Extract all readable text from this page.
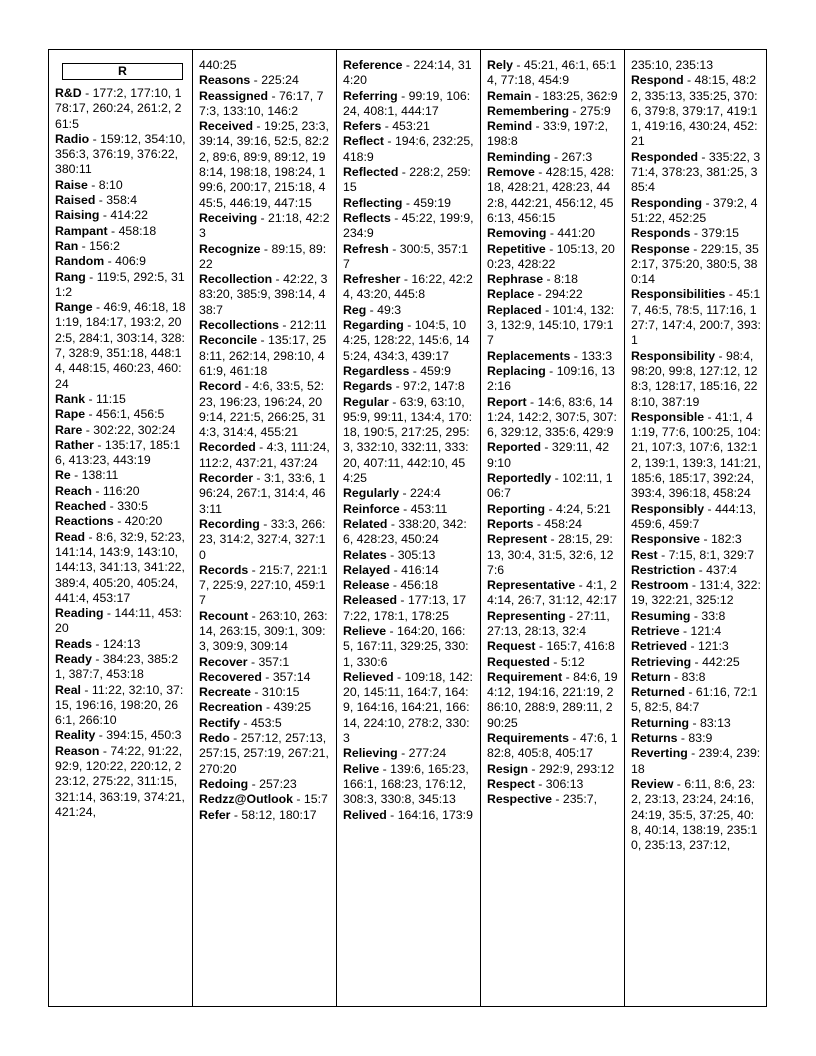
R
R&D - 177:2, 177:10, 178:17, 260:24, 261:2, 261:5
Radio - 159:12, 354:10, 356:3, 376:19, 376:22, 380:11
Raise - 8:10
Raised - 358:4
Raising - 414:22
Rampant - 458:18
Ran - 156:2
Random - 406:9
Rang - 119:5, 292:5, 311:2
Range - 46:9, 46:18, 181:19, 184:17, 193:2, 202:5, 284:1, 303:14, 328:7, 328:9, 351:18, 448:14, 448:15, 460:23, 460:24
Rank - 11:15
Rape - 456:1, 456:5
Rare - 302:22, 302:24
Rather - 135:17, 185:16, 413:23, 443:19
Re - 138:11
Reach - 116:20
Reached - 330:5
Reactions - 420:20
Read - 8:6, 32:9, 52:23, 141:14, 143:9, 143:10, 144:13, 341:13, 341:22, 389:4, 405:20, 405:24, 441:4, 453:17
Reading - 144:11, 453:20
Reads - 124:13
Ready - 384:23, 385:21, 387:7, 453:18
Real - 11:22, 32:10, 37:15, 196:16, 198:20, 266:1, 266:10
Reality - 394:15, 450:3
Reason - 74:22, 91:22, 92:9, 120:22, 220:12, 223:12, 275:22, 311:15, 321:14, 363:19, 374:21, 421:24,
440:25
Reasons - 225:24
Reassigned - 76:17, 77:3, 133:10, 146:2
Received - 19:25, 23:3, 39:14, 39:16, 52:5, 82:22, 89:6, 89:9, 89:12, 198:14, 198:18, 198:24, 199:6, 200:17, 215:18, 445:5, 446:19, 447:15
Receiving - 21:18, 42:23
Recognize - 89:15, 89:22
Recollection - 42:22, 383:20, 385:9, 398:14, 438:7
Recollections - 212:11
Reconcile - 135:17, 258:11, 262:14, 298:10, 461:9, 461:18
Record - 4:6, 33:5, 52:23, 196:23, 196:24, 209:14, 221:5, 266:25, 314:3, 314:4, 455:21
Recorded - 4:3, 111:24, 112:2, 437:21, 437:24
Recorder - 3:1, 33:6, 196:24, 267:1, 314:4, 463:11
Recording - 33:3, 266:23, 314:2, 327:4, 327:10
Records - 215:7, 221:17, 225:9, 227:10, 459:17
Recount - 263:10, 263:14, 263:15, 309:1, 309:3, 309:9, 309:14
Recover - 357:1
Recovered - 357:14
Recreate - 310:15
Recreation - 439:25
Rectify - 453:5
Redo - 257:12, 257:13, 257:15, 257:19, 267:21, 270:20
Redoing - 257:23
Redzz@Outlook - 15:7
Refer - 58:12, 180:17
Reference - 224:14, 314:20
Referring - 99:19, 106:24, 408:1, 444:17
Refers - 453:21
Reflect - 194:6, 232:25, 418:9
Reflected - 228:2, 259:15
Reflecting - 459:19
Reflects - 45:22, 199:9, 234:9
Refresh - 300:5, 357:17
Refresher - 16:22, 42:24, 43:20, 445:8
Reg - 49:3
Regarding - 104:5, 104:25, 128:22, 145:6, 145:24, 434:3, 439:17
Regardless - 459:9
Regards - 97:2, 147:8
Regular - 63:9, 63:10, 95:9, 99:11, 134:4, 170:18, 190:5, 217:25, 295:3, 332:10, 332:11, 333:20, 407:11, 442:10, 454:25
Regularly - 224:4
Reinforce - 453:11
Related - 338:20, 342:6, 428:23, 450:24
Relates - 305:13
Relayed - 416:14
Release - 456:18
Released - 177:13, 177:22, 178:1, 178:25
Relieve - 164:20, 166:5, 167:11, 329:25, 330:1, 330:6
Relieved - 109:18, 142:20, 145:11, 164:7, 164:9, 164:16, 164:21, 166:14, 224:10, 278:2, 330:3
Relieving - 277:24
Relive - 139:6, 165:23, 166:1, 168:23, 176:12, 308:3, 330:8, 345:13
Relived - 164:16, 173:9
Rely - 45:21, 46:1, 65:14, 77:18, 454:9
Remain - 183:25, 362:9
Remembering - 275:9
Remind - 33:9, 197:2, 198:8
Reminding - 267:3
Remove - 428:15, 428:18, 428:21, 428:23, 442:8, 442:21, 456:12, 456:13, 456:15
Removing - 441:20
Repetitive - 105:13, 200:23, 428:22
Rephrase - 8:18
Replace - 294:22
Replaced - 101:4, 132:3, 132:9, 145:10, 179:17
Replacements - 133:3
Replacing - 109:16, 132:16
Report - 14:6, 83:6, 141:24, 142:2, 307:5, 307:6, 329:12, 335:6, 429:9
Reported - 329:11, 429:10
Reportedly - 102:11, 106:7
Reporting - 4:24, 5:21
Reports - 458:24
Represent - 28:15, 29:13, 30:4, 31:5, 32:6, 127:6
Representative - 4:1, 24:14, 26:7, 31:12, 42:17
Representing - 27:11, 27:13, 28:13, 32:4
Request - 165:7, 416:8
Requested - 5:12
Requirement - 84:6, 194:12, 194:16, 221:19, 286:10, 288:9, 289:11, 290:25
Requirements - 47:6, 182:8, 405:8, 405:17
Resign - 292:9, 293:12
Respect - 306:13
Respective - 235:7,
235:10, 235:13
Respond - 48:15, 48:22, 335:13, 335:25, 370:6, 379:8, 379:17, 419:11, 419:16, 430:24, 452:21
Responded - 335:22, 371:4, 378:23, 381:25, 385:4
Responding - 379:2, 451:22, 452:25
Responds - 379:15
Response - 229:15, 352:17, 375:20, 380:5, 380:14
Responsibilities - 45:17, 46:5, 78:5, 117:16, 127:7, 147:4, 200:7, 393:1
Responsibility - 98:4, 98:20, 99:8, 127:12, 128:3, 128:17, 185:16, 228:10, 387:19
Responsible - 41:1, 41:19, 77:6, 100:25, 104:21, 107:3, 107:6, 132:12, 139:1, 139:3, 141:21, 185:6, 185:17, 392:24, 393:4, 396:18, 458:24
Responsibly - 444:13, 459:6, 459:7
Responsive - 182:3
Rest - 7:15, 8:1, 329:7
Restriction - 437:4
Restroom - 131:4, 322:19, 322:21, 325:12
Resuming - 33:8
Retrieve - 121:4
Retrieved - 121:3
Retrieving - 442:25
Return - 83:8
Returned - 61:16, 72:15, 82:5, 84:7
Returning - 83:13
Returns - 83:9
Reverting - 239:4, 239:18
Review - 6:11, 8:6, 23:2, 23:13, 23:24, 24:16, 24:19, 35:5, 37:25, 40:8, 40:14, 138:19, 235:10, 235:13, 237:12,
